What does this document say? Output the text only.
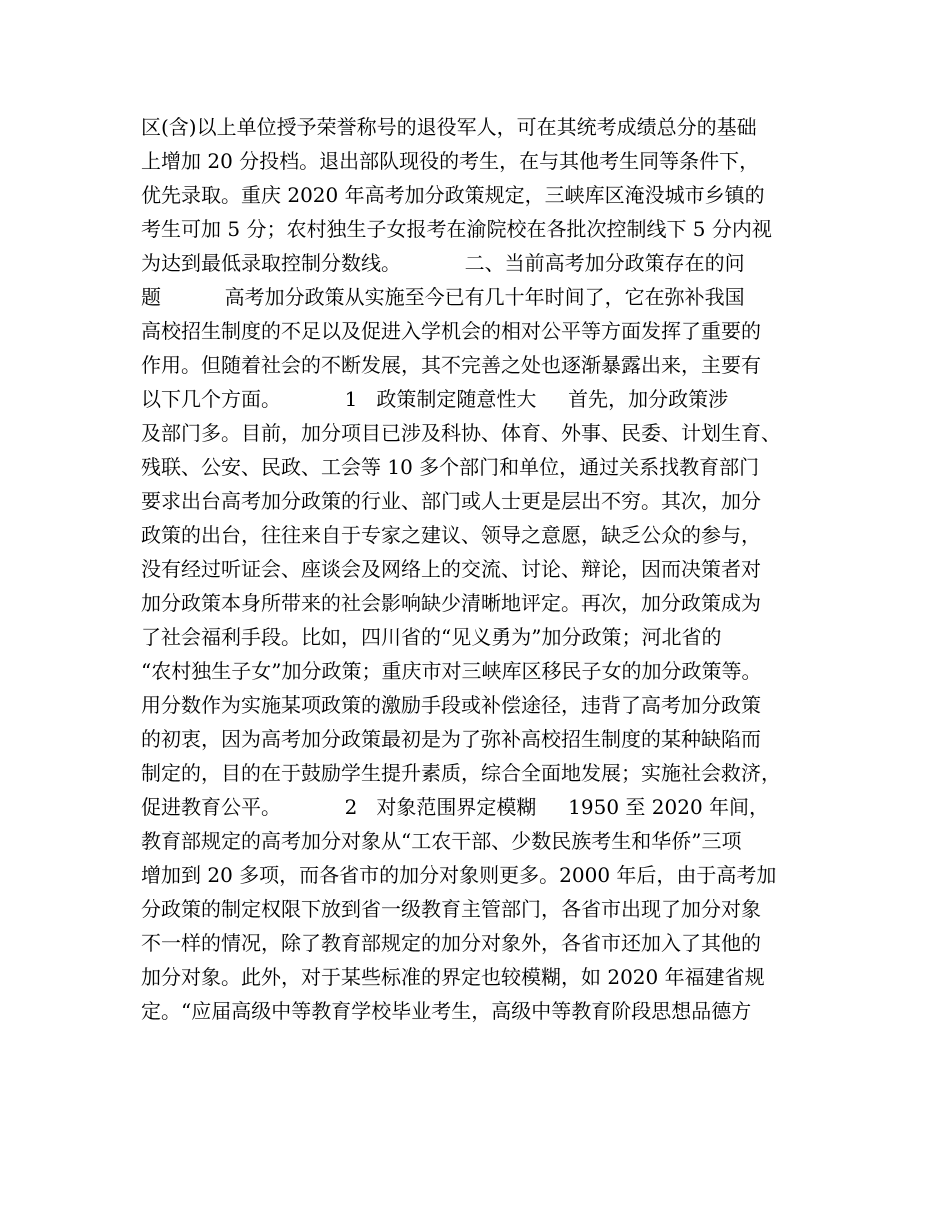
区(含)以上单位授予荣誉称号的退役军人，可在其统考成绩总分的基础
上增加 20 分投档。退出部队现役的考生，在与其他考生同等条件下，
优先录取。重庆 2020 年高考加分政策规定，三峡库区淹没城市乡镇的
考生可加 5 分；农村独生子女报考在渝院校在各批次控制线下 5 分内视
为达到最低录取控制分数线。          二、当前高考加分政策存在的问
题          高考加分政策从实施至今已有几十年时间了，它在弥补我国
高校招生制度的不足以及促进入学机会的相对公平等方面发挥了重要的
作用。但随着社会的不断发展，其不完善之处也逐渐暴露出来，主要有
以下几个方面。          1   政策制定随意性大     首先，加分政策涉
及部门多。目前，加分项目已涉及科协、体育、外事、民委、计划生育、
残联、公安、民政、工会等 10 多个部门和单位，通过关系找教育部门
要求出台高考加分政策的行业、部门或人士更是层出不穷。其次，加分
政策的出台，往往来自于专家之建议、领导之意愿，缺乏公众的参与，
没有经过听证会、座谈会及网络上的交流、讨论、辩论，因而决策者对
加分政策本身所带来的社会影响缺少清晰地评定。再次，加分政策成为
了社会福利手段。比如，四川省的“见义勇为”加分政策；河北省的
“农村独生子女”加分政策；重庆市对三峡库区移民子女的加分政策等。
用分数作为实施某项政策的激励手段或补偿途径，违背了高考加分政策
的初衷，因为高考加分政策最初是为了弥补高校招生制度的某种缺陷而
制定的，目的在于鼓励学生提升素质，综合全面地发展；实施社会救济，
促进教育公平。          2   对象范围界定模糊     1950 至 2020 年间，
教育部规定的高考加分对象从“工农干部、少数民族考生和华侨”三项
增加到 20 多项，而各省市的加分对象则更多。2000 年后，由于高考加
分政策的制定权限下放到省一级教育主管部门，各省市出现了加分对象
不一样的情况，除了教育部规定的加分对象外，各省市还加入了其他的
加分对象。此外，对于某些标准的界定也较模糊，如 2020 年福建省规
定。“应届高级中等教育学校毕业考生，高级中等教育阶段思想品德方
